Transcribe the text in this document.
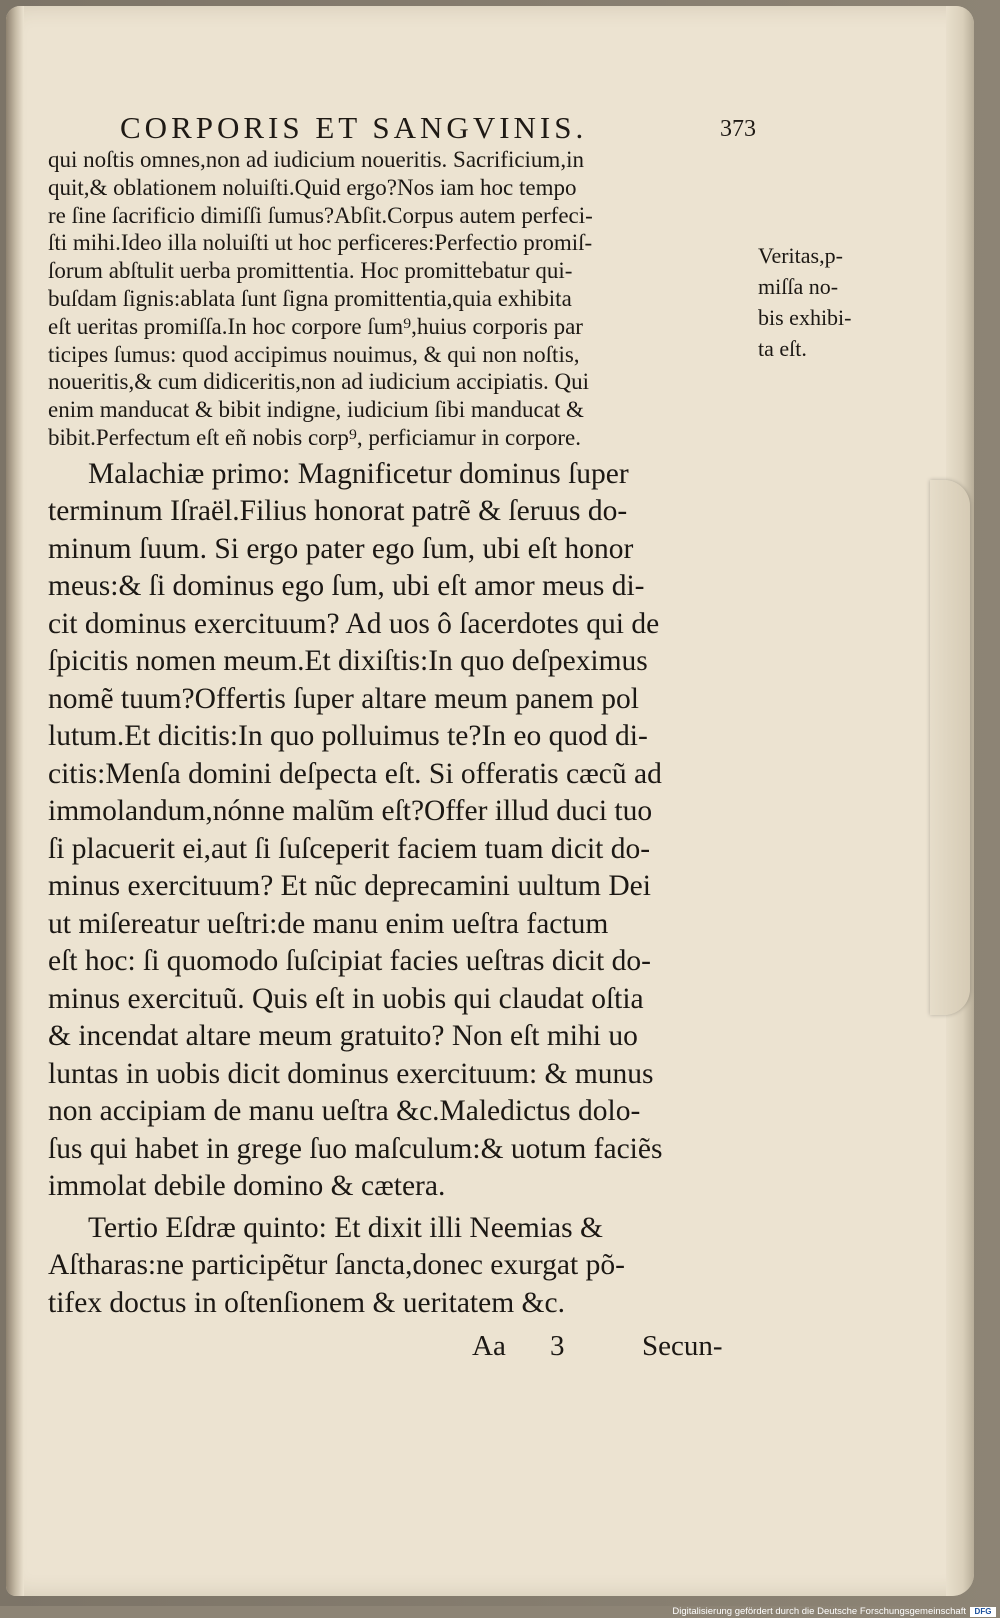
CORPORIS ET SANGVINIS.	373
qui noſtis omnes,non ad iudicium noueritis. Sacrificium,in
quit,& oblationem noluiſti.Quid ergo?Nos iam hoc tempo
re ſine ſacrificio dimiſſi ſumus?Abſit.Corpus autem perfeci-
ſti mihi.Ideo illa noluiſti ut hoc perficeres:Perfectio promiſ-
ſorum abſtulit uerba promittentia. Hoc promittebatur qui-
buſdam ſignis:ablata ſunt ſigna promittentia,quia exhibita
eſt ueritas promiſſa.In hoc corpore ſum⁹,huius corporis par
ticipes ſumus: quod accipimus nouimus, & qui non noſtis,
noueritis,& cum didiceritis,non ad iudicium accipiatis. Qui
enim manducat & bibit indigne, iudicium ſibi manducat &
bibit.Perfectum eſt eñ nobis corp⁹, perficiamur in corpore.
Malachiæ primo: Magnificetur dominus ſuper
terminum Iſraël.Filius honorat patrẽ & ſeruus do-
minum ſuum. Si ergo pater ego ſum, ubi eſt honor
meus:& ſi dominus ego ſum, ubi eſt amor meus di-
cit dominus exercituum? Ad uos ô ſacerdotes qui de
ſpicitis nomen meum.Et dixiſtis:In quo deſpeximus
nomẽ tuum?Offertis ſuper altare meum panem pol
lutum.Et dicitis:In quo polluimus te?In eo quod di-
citis:Menſa domini deſpecta eſt. Si offeratis cæcũ ad
immolandum,nónne malũm eſt?Offer illud duci tuo
ſi placuerit ei,aut ſi ſuſceperit faciem tuam dicit do-
minus exercituum? Et nũc deprecamini uultum Dei
ut miſereatur ueſtri:de manu enim ueſtra factum
eſt hoc: ſi quomodo ſuſcipiat facies ueſtras dicit do-
minus exercituũ. Quis eſt in uobis qui claudat oſtia
& incendat altare meum gratuito? Non eſt mihi uo
luntas in uobis dicit dominus exercituum: & munus
non accipiam de manu ueſtra &c.Maledictus dolo-
ſus qui habet in grege ſuo maſculum:& uotum faciẽs
immolat debile domino & cætera.
Tertio Eſdræ quinto: Et dixit illi Neemias &
Aſtharas:ne participẽtur ſancta,donec exurgat põ-
tifex doctus in oſtenſionem & ueritatem &c.
Veritas,p-
miſſa no-
bis exhibi-
ta eſt.
Aa 3	Secun-
Digitalisierung gefördert durch die Deutsche Forschungsgemeinschaft	DFG
